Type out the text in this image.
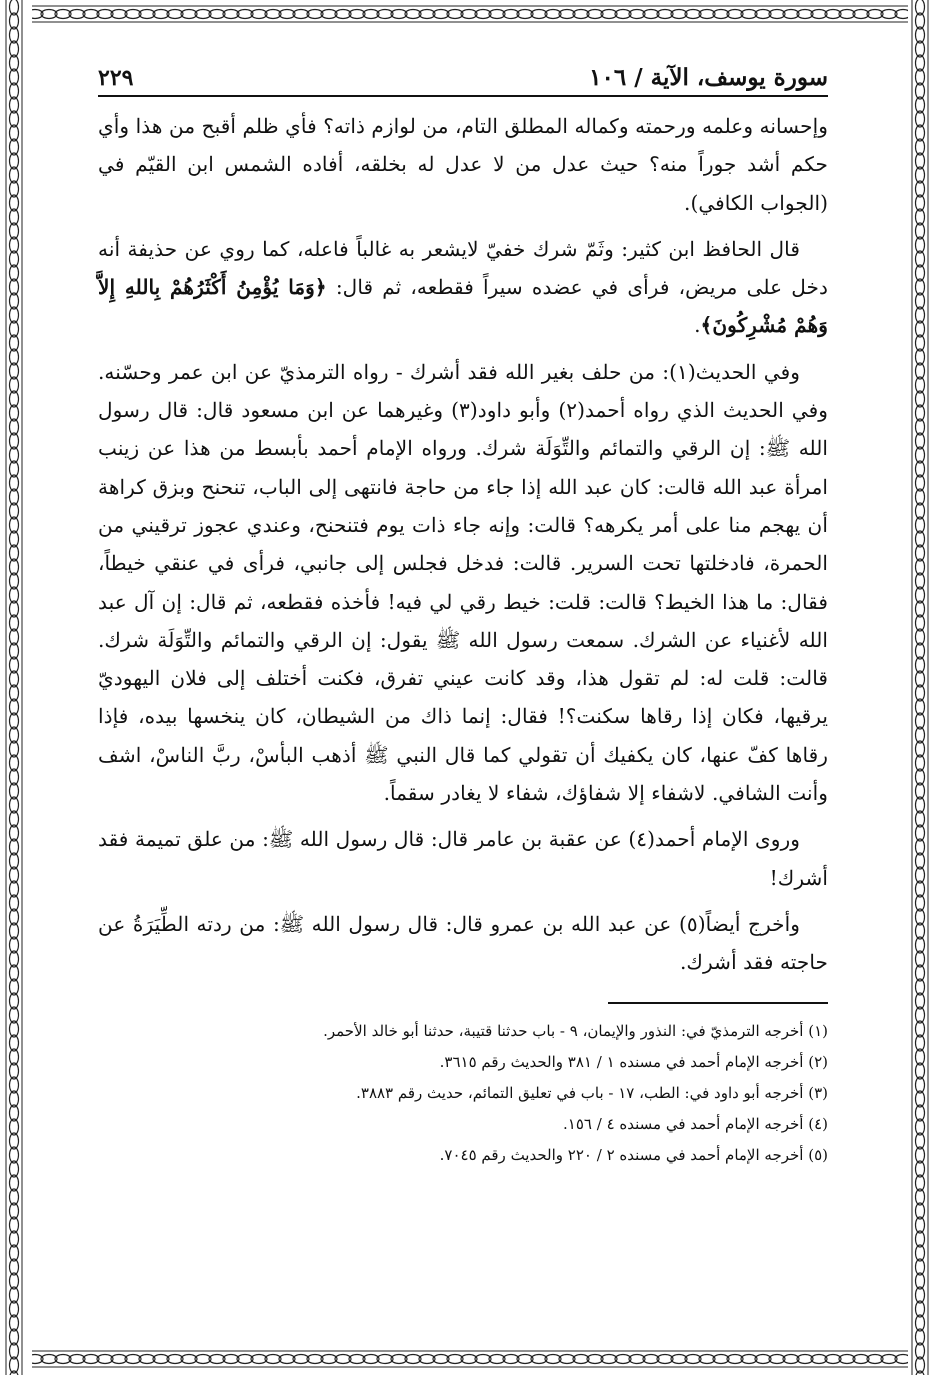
سورة يوسف، الآية / ١٠٦
٢٢٩

وإحسانه وعلمه ورحمته وكماله المطلق التام، من لوازم ذاته؟ فأي ظلم أقبح من هذا وأي حكم أشد جوراً منه؟ حيث عدل من لا عدل له بخلقه، أفاده الشمس ابن القيّم في (الجواب الكافي).

قال الحافظ ابن كثير: وثَمّ شرك خفيّ لايشعر به غالباً فاعله، كما روي عن حذيفة أنه دخل على مريض، فرأى في عضده سيراً فقطعه، ثم قال: ﴿وَمَا يُؤْمِنُ أَكْثَرُهُمْ بِاللهِ إِلاَّ وَهُمْ مُشْرِكُونَ﴾.

وفي الحديث(١): من حلف بغير الله فقد أشرك - رواه الترمذيّ عن ابن عمر وحسّنه. وفي الحديث الذي رواه أحمد(٢) وأبو داود(٣) وغيرهما عن ابن مسعود قال: قال رسول الله ﷺ: إن الرقي والتمائم والتِّوَلَة شرك. ورواه الإمام أحمد بأبسط من هذا عن زينب امرأة عبد الله قالت: كان عبد الله إذا جاء من حاجة فانتهى إلى الباب، تنحنح وبزق كراهة أن يهجم منا على أمر يكرهه؟ قالت: وإنه جاء ذات يوم فتنحنح، وعندي عجوز ترقيني من الحمرة، فادخلتها تحت السرير. قالت: فدخل فجلس إلى جانبي، فرأى في عنقي خيطاً، فقال: ما هذا الخيط؟ قالت: قلت: خيط رقي لي فيه! فأخذه فقطعه، ثم قال: إن آل عبد الله لأغنياء عن الشرك. سمعت رسول الله ﷺ يقول: إن الرقي والتمائم والتِّوَلَة شرك. قالت: قلت له: لم تقول هذا، وقد كانت عيني تفرق، فكنت أختلف إلى فلان اليهوديّ يرقيها، فكان إذا رقاها سكنت؟! فقال: إنما ذاك من الشيطان، كان ينخسها بيده، فإذا رقاها كفّ عنها، كان يكفيك أن تقولي كما قال النبي ﷺ أذهب البأسْ، ربَّ الناسْ، اشف وأنت الشافي. لاشفاء إلا شفاؤك، شفاء لا يغادر سقماً.

وروى الإمام أحمد(٤) عن عقبة بن عامر قال: قال رسول الله ﷺ: من علق تميمة فقد أشرك!

وأخرج أيضاً(٥) عن عبد الله بن عمرو قال: قال رسول الله ﷺ: من ردته الطِّيَرَةُ عن حاجته فقد أشرك.

(١) أخرجه الترمذيّ في: النذور والإيمان، ٩ - باب حدثنا قتيبة، حدثنا أبو خالد الأحمر.

(٢) أخرجه الإمام أحمد في مسنده ١ / ٣٨١ والحديث رقم ٣٦١٥.

(٣) أخرجه أبو داود في: الطب، ١٧ - باب في تعليق التمائم، حديث رقم ٣٨٨٣.

(٤) أخرجه الإمام أحمد في مسنده ٤ / ١٥٦.

(٥) أخرجه الإمام أحمد في مسنده ٢ / ٢٢٠ والحديث رقم ٧٠٤٥.
